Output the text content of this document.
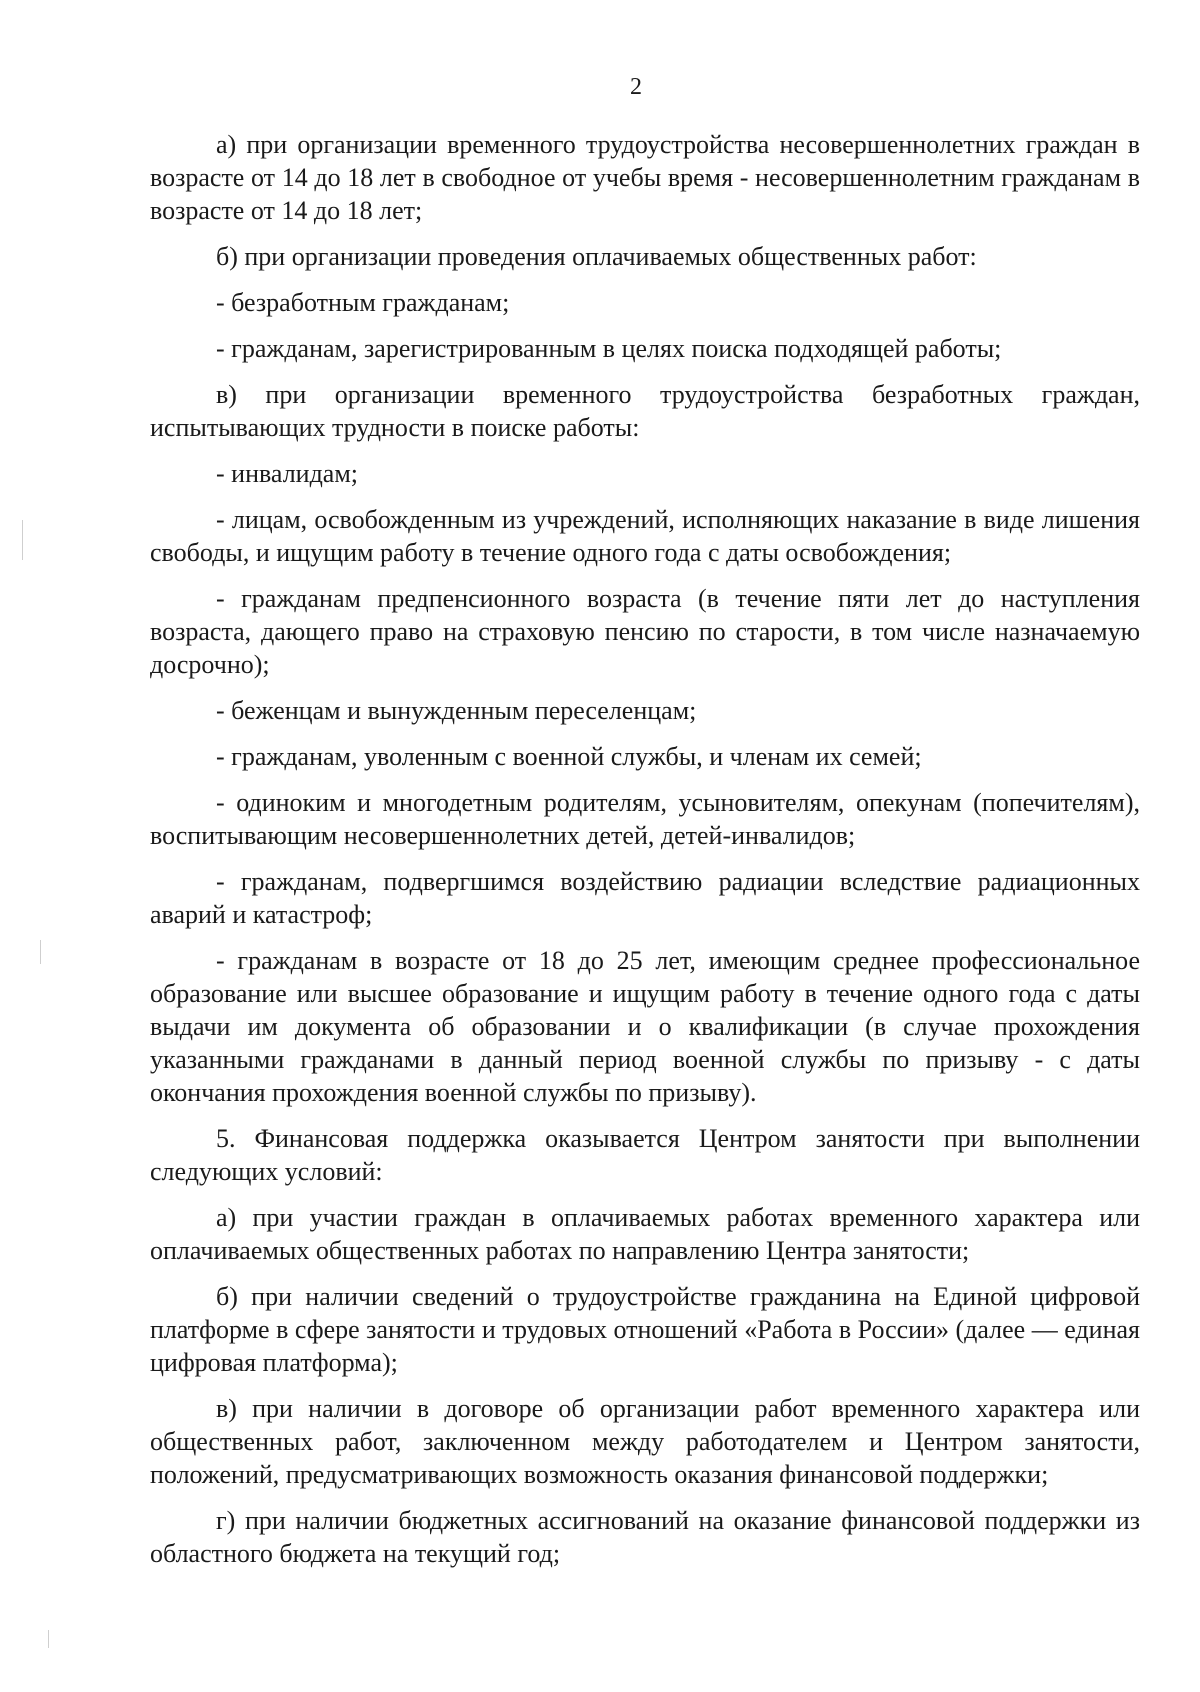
2

а) при организации временного трудоустройства несовершеннолетних граждан в возрасте от 14 до 18 лет в свободное от учебы время - несовершеннолетним гражданам в возрасте от 14 до 18 лет;

б) при организации проведения оплачиваемых общественных работ:

- безработным гражданам;

- гражданам, зарегистрированным в целях поиска подходящей работы;

в) при организации временного трудоустройства безработных граждан, испытывающих трудности в поиске работы:

- инвалидам;

- лицам, освобожденным из учреждений, исполняющих наказание в виде лишения свободы, и ищущим работу в течение одного года с даты освобождения;

- гражданам предпенсионного возраста (в течение пяти лет до наступления возраста, дающего право на страховую пенсию по старости, в том числе назначаемую досрочно);

- беженцам и вынужденным переселенцам;

- гражданам, уволенным с военной службы, и членам их семей;

- одиноким и многодетным родителям, усыновителям, опекунам (попечителям), воспитывающим несовершеннолетних детей, детей-инвалидов;

- гражданам, подвергшимся воздействию радиации вследствие радиационных аварий и катастроф;

- гражданам в возрасте от 18 до 25 лет, имеющим среднее профессиональное образование или высшее образование и ищущим работу в течение одного года с даты выдачи им документа об образовании и о квалификации (в случае прохождения указанными гражданами в данный период военной службы по призыву - с даты окончания прохождения военной службы по призыву).

5. Финансовая поддержка оказывается Центром занятости при выполнении следующих условий:

а) при участии граждан в оплачиваемых работах временного характера или оплачиваемых общественных работах по направлению Центра занятости;

б) при наличии сведений о трудоустройстве гражданина на Единой цифровой платформе в сфере занятости и трудовых отношений «Работа в России» (далее — единая цифровая платформа);

в) при наличии в договоре об организации работ временного характера или общественных работ, заключенном между работодателем и Центром занятости, положений, предусматривающих возможность оказания финансовой поддержки;

г) при наличии бюджетных ассигнований на оказание финансовой поддержки из областного бюджета на текущий год;
